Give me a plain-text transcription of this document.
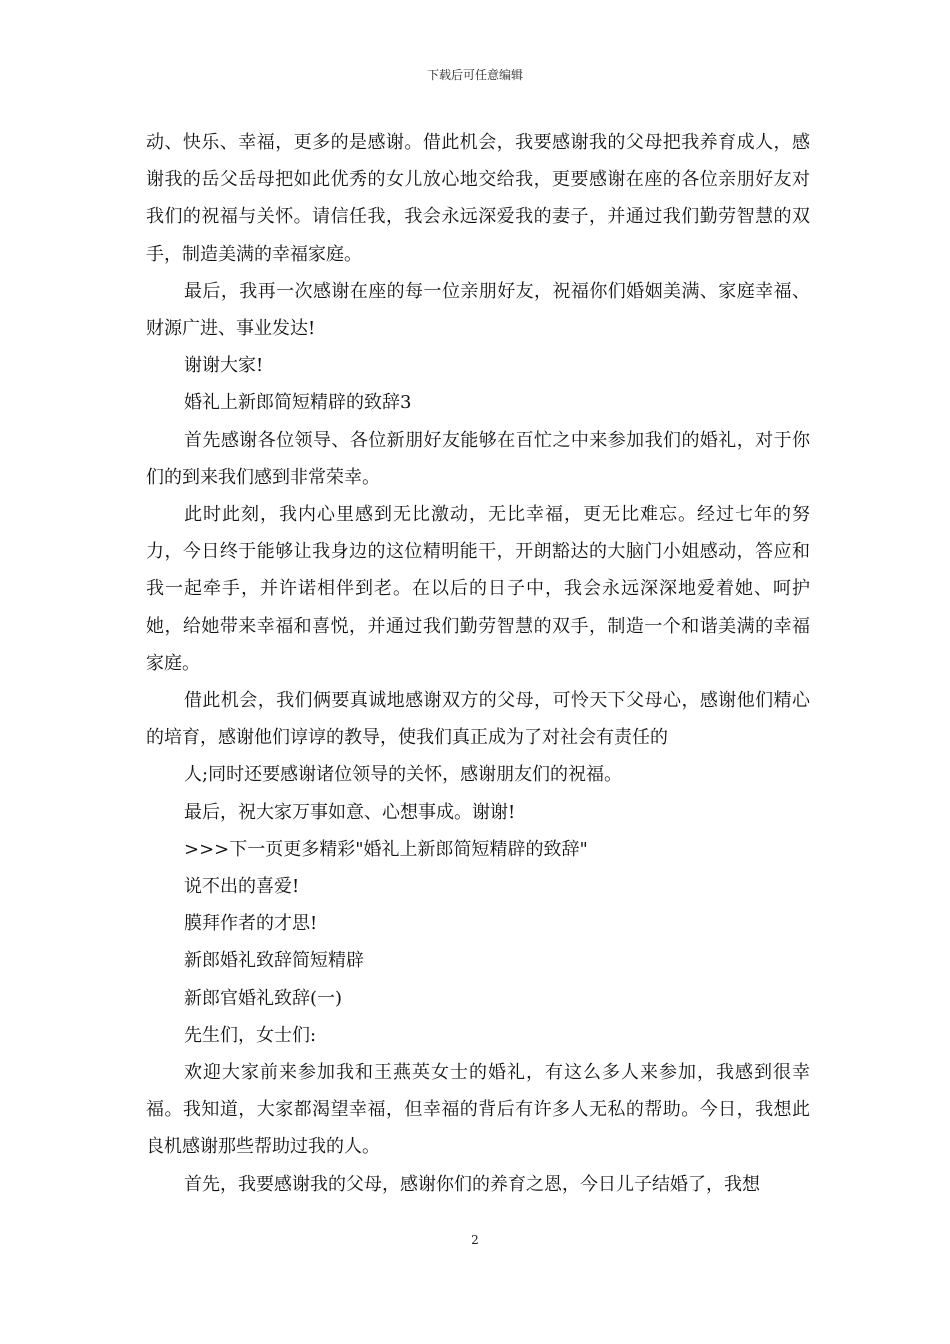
下载后可任意编辑

动、快乐、幸福，更多的是感谢。借此机会，我要感谢我的父母把我养育成人，感谢我的岳父岳母把如此优秀的女儿放心地交给我，更要感谢在座的各位亲朋好友对我们的祝福与关怀。请信任我，我会永远深爱我的妻子，并通过我们勤劳智慧的双手，制造美满的幸福家庭。

最后，我再一次感谢在座的每一位亲朋好友，祝福你们婚姻美满、家庭幸福、财源广进、事业发达!

谢谢大家!

婚礼上新郎简短精辟的致辞3

首先感谢各位领导、各位新朋好友能够在百忙之中来参加我们的婚礼，对于你们的到来我们感到非常荣幸。

此时此刻，我内心里感到无比激动，无比幸福，更无比难忘。经过七年的努力，今日终于能够让我身边的这位精明能干，开朗豁达的大脑门小姐感动，答应和我一起牵手，并许诺相伴到老。在以后的日子中，我会永远深深地爱着她、呵护她，给她带来幸福和喜悦，并通过我们勤劳智慧的双手，制造一个和谐美满的幸福家庭。

借此机会，我们俩要真诚地感谢双方的父母，可怜天下父母心，感谢他们精心的培育，感谢他们谆谆的教导，使我们真正成为了对社会有责任的

人;同时还要感谢诸位领导的关怀，感谢朋友们的祝福。

最后，祝大家万事如意、心想事成。谢谢!

>>>下一页更多精彩"婚礼上新郎简短精辟的致辞"

说不出的喜爱!

膜拜作者的才思!

新郎婚礼致辞简短精辟

新郎官婚礼致辞(一)

先生们，女士们:

欢迎大家前来参加我和王燕英女士的婚礼，有这么多人来参加，我感到很幸福。我知道，大家都渴望幸福，但幸福的背后有许多人无私的帮助。今日，我想此良机感谢那些帮助过我的人。

首先，我要感谢我的父母，感谢你们的养育之恩，今日儿子结婚了，我想

2
